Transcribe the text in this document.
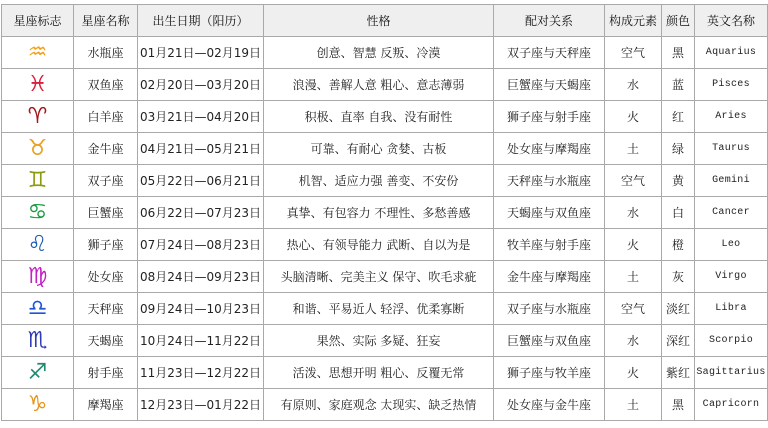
星座标志	星座名称	出生日期（阳历）	性格	配对关系	构成元素	颜色	英文名称
♒︎	水瓶座	01月21日—02月19日	创意、智慧 反叛、冷漠	双子座与天秤座	空气	黑	Aquarius
♓︎	双鱼座	02月20日—03月20日	浪漫、善解人意 粗心、意志薄弱	巨蟹座与天蝎座	水	蓝	Pisces
♈︎	白羊座	03月21日—04月20日	积极、直率 自我、没有耐性	狮子座与射手座	火	红	Aries
♉︎	金牛座	04月21日—05月21日	可靠、有耐心 贪婪、古板	处女座与摩羯座	土	绿	Taurus
♊︎	双子座	05月22日—06月21日	机智、适应力强 善变、不安份	天秤座与水瓶座	空气	黄	Gemini
♋︎	巨蟹座	06月22日—07月23日	真挚、有包容力 不理性、多愁善感	天蝎座与双鱼座	水	白	Cancer
♌︎	狮子座	07月24日—08月23日	热心、有领导能力 武断、自以为是	牧羊座与射手座	火	橙	Leo
♍︎	处女座	08月24日—09月23日	头脑清晰、完美主义 保守、吹毛求疵	金牛座与摩羯座	土	灰	Virgo
♎︎	天秤座	09月24日—10月23日	和谐、平易近人 轻浮、优柔寡断	双子座与水瓶座	空气	淡红	Libra
♏︎	天蝎座	10月24日—11月22日	果然、实际 多疑、狂妄	巨蟹座与双鱼座	水	深红	Scorpio
♐︎	射手座	11月23日—12月22日	活泼、思想开明 粗心、反覆无常	狮子座与牧羊座	火	紫红	Sagittarius
♑︎	摩羯座	12月23日—01月22日	有原则、家庭观念 太现实、缺乏热情	处女座与金牛座	土	黑	Capricorn
